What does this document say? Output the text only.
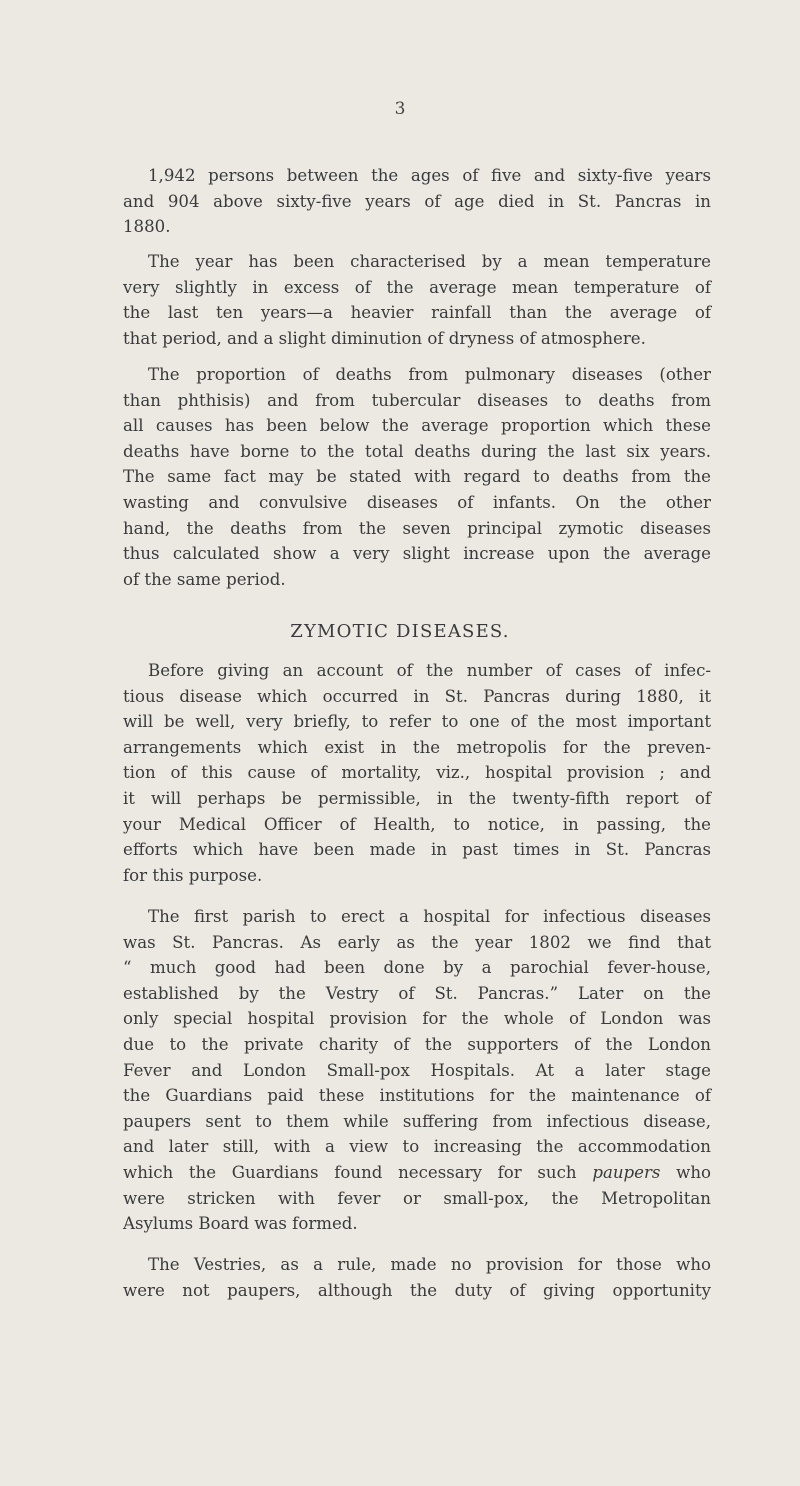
3
1,942 persons between the ages of five and sixty-five years
and 904 above sixty-five years of age died in St. Pancras in
1880.
The year has been characterised by a mean temperature
very slightly in excess of the average mean temperature of
the last ten years—a heavier rainfall than the average of
that period, and a slight diminution of dryness of atmosphere.
The proportion of deaths from pulmonary diseases (other
than phthisis) and from tubercular diseases to deaths from
all causes has been below the average proportion which these
deaths have borne to the total deaths during the last six years.
The same fact may be stated with regard to deaths from the
wasting and convulsive diseases of infants. On the other
hand, the deaths from the seven principal zymotic diseases
thus calculated show a very slight increase upon the average
of the same period.
ZYMOTIC DISEASES.
Before giving an account of the number of cases of infec-
tious disease which occurred in St. Pancras during 1880, it
will be well, very briefly, to refer to one of the most important
arrangements which exist in the metropolis for the preven-
tion of this cause of mortality, viz., hospital provision ; and
it will perhaps be permissible, in the twenty-fifth report of
your Medical Officer of Health, to notice, in passing, the
efforts which have been made in past times in St. Pancras
for this purpose.
The first parish to erect a hospital for infectious diseases
was St. Pancras. As early as the year 1802 we find that
“ much good had been done by a parochial fever-house,
established by the Vestry of St. Pancras.” Later on the
only special hospital provision for the whole of London was
due to the private charity of the supporters of the London
Fever and London Small-pox Hospitals. At a later stage
the Guardians paid these institutions for the maintenance of
paupers sent to them while suffering from infectious disease,
and later still, with a view to increasing the accommodation
which the Guardians found necessary for such paupers who
were stricken with fever or small-pox, the Metropolitan
Asylums Board was formed.
The Vestries, as a rule, made no provision for those who
were not paupers, although the duty of giving opportunity
